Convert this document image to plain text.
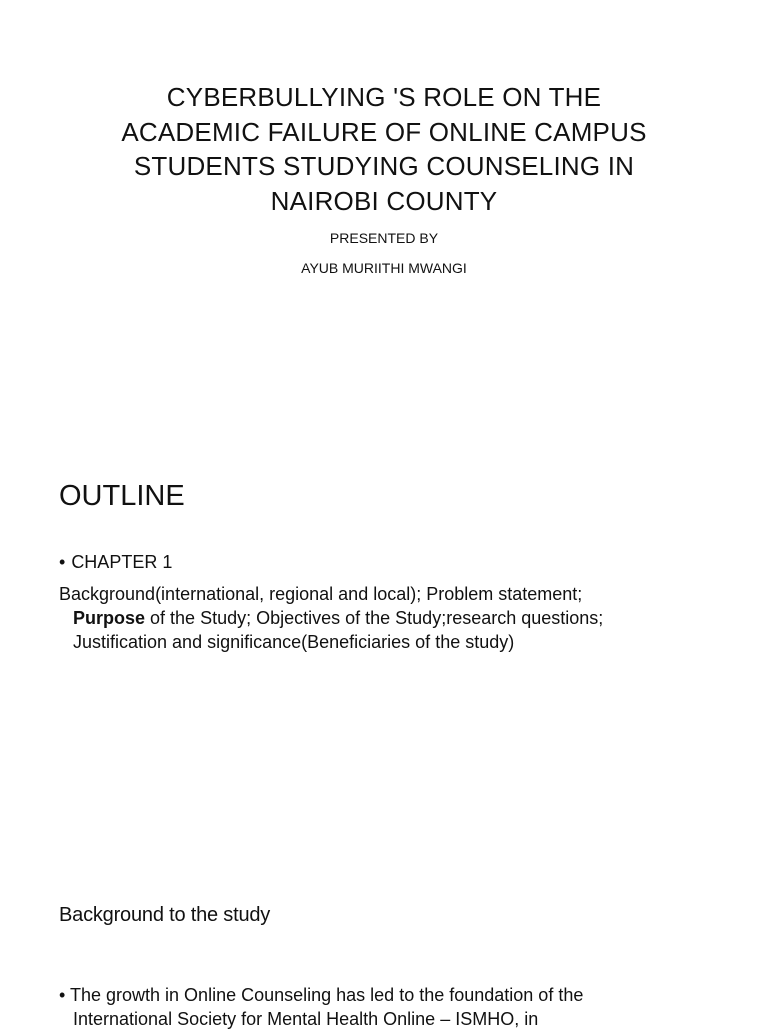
CYBERBULLYING 'S ROLE ON THE
ACADEMIC FAILURE OF ONLINE CAMPUS
STUDENTS STUDYING COUNSELING IN
NAIROBI COUNTY
PRESENTED BY
AYUB MURIITHI MWANGI
OUTLINE
• CHAPTER 1
Background(international, regional and local); Problem statement;
Purpose of the Study; Objectives of the Study;research questions;
Justification and significance(Beneficiaries of the study)
Background to the study
• The growth in Online Counseling has led to the foundation of the
International Society for Mental Health Online – ISMHO, in
